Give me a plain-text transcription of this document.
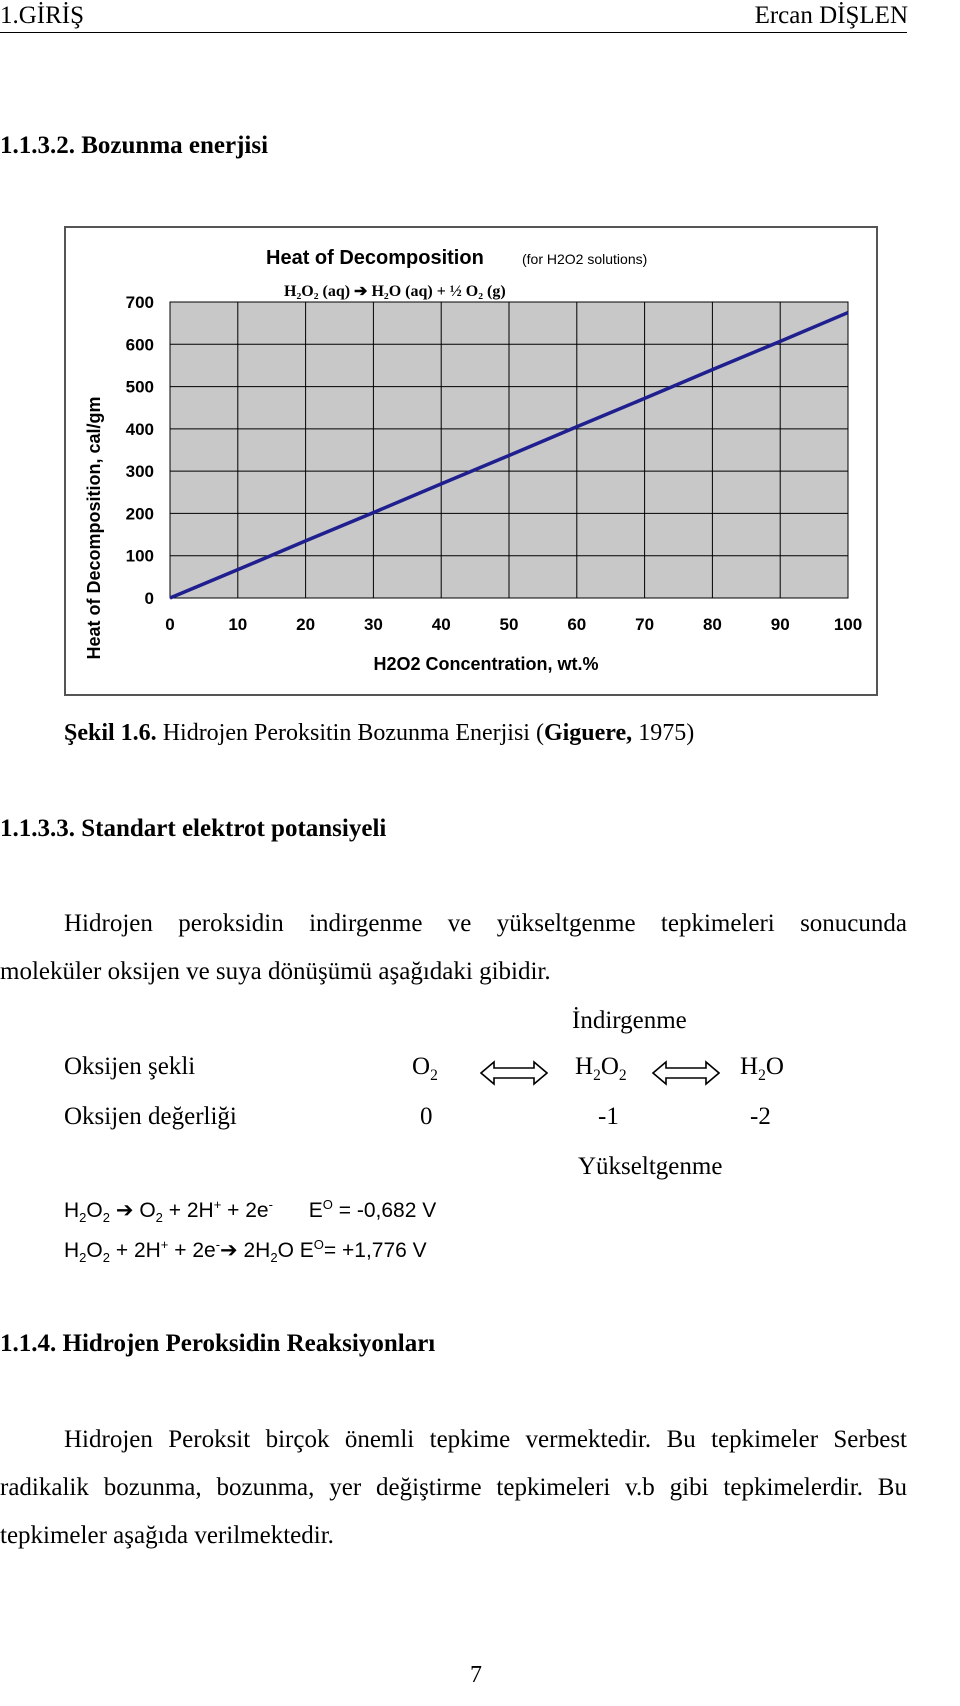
1.GİRİŞ	Ercan DİŞLEN
1.1.3.2. Bozunma enerjisi
0
100
200
300
400
500
600
700
0	10	20	30	40	50	60	70	80	90	100
Heat of Decomposition	(for H2O2 solutions)
H₂O₂ (aq) ➔ H₂O (aq) + ½ O₂ (g)
H2O2 Concentration, wt.%
Heat of Decomposition, cal/gm
Şekil 1.6. Hidrojen Peroksitin Bozunma Enerjisi (Giguere, 1975)
1.1.3.3. Standart elektrot potansiyeli
Hidrojen peroksidin indirgenme ve yükseltgenme tepkimeleri sonucunda
moleküler oksijen ve suya dönüşümü aşağıdaki gibidir.
İndirgenme
Oksijen şekli	$O_2$	$H_2O_2$	$H_2O$
Oksijen değerliği	0	-1	-2
Yükseltgenme
$H_2O_2$ ➔ $O_2 + 2H^+ + 2e^-$ $E^O = -0,682$ V
$H_2O_2 + 2H^+$ + 2e-➔ $2H_2O$ $E^O= +1,776$ V
1.1.4. Hidrojen Peroksidin Reaksiyonları
Hidrojen Peroksit birçok önemli tepkime vermektedir. Bu tepkimeler Serbest
radikalik bozunma, bozunma, yer değiştirme tepkimeleri v.b gibi tepkimelerdir. Bu
tepkimeler aşağıda verilmektedir.
7
